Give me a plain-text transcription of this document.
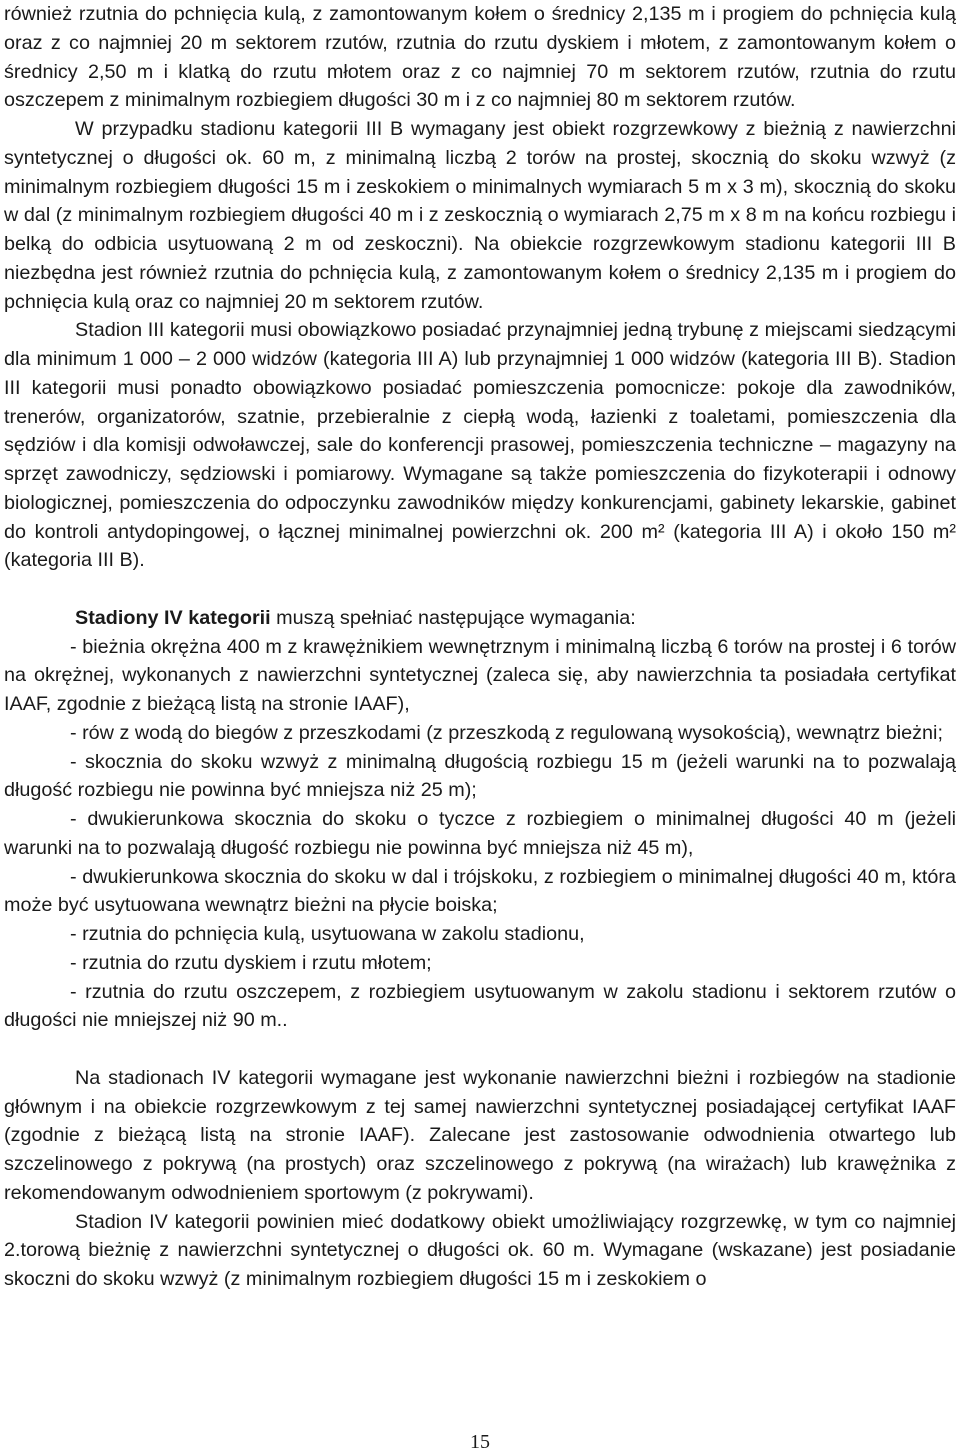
również rzutnia do pchnięcia kulą, z zamontowanym kołem o średnicy 2,135 m i progiem do pchnięcia kulą oraz z co najmniej 20 m sektorem rzutów, rzutnia do rzutu dyskiem i młotem, z zamontowanym kołem o średnicy 2,50 m i klatką do rzutu młotem oraz z co najmniej 70 m sektorem rzutów, rzutnia do rzutu oszczepem z minimalnym rozbiegiem długości 30 m i z co najmniej 80 m sektorem rzutów.

W przypadku stadionu kategorii III B wymagany jest obiekt rozgrzewkowy z bieżnią z nawierzchni syntetycznej o długości ok. 60 m, z minimalną liczbą 2 torów na prostej, skocznią do skoku wzwyż (z minimalnym rozbiegiem długości 15 m i zeskokiem o minimalnych wymiarach 5 m x 3 m), skocznią do skoku w dal (z minimalnym rozbiegiem długości 40 m i z zeskocznią o wymiarach 2,75 m x 8 m na końcu rozbiegu i belką do odbicia usytuowaną 2 m od zeskoczni). Na obiekcie rozgrzewkowym stadionu kategorii III B niezbędna jest również rzutnia do pchnięcia kulą, z zamontowanym kołem o średnicy 2,135 m i progiem do pchnięcia kulą oraz co najmniej 20 m sektorem rzutów.

Stadion III kategorii musi obowiązkowo posiadać przynajmniej jedną trybunę z miejscami siedzącymi dla minimum 1 000 – 2 000 widzów (kategoria III A) lub przynajmniej 1 000 widzów (kategoria III B). Stadion III kategorii musi ponadto obowiązkowo posiadać pomieszczenia pomocnicze: pokoje dla zawodników, trenerów, organizatorów, szatnie, przebieralnie z ciepłą wodą, łazienki z toaletami, pomieszczenia dla sędziów i dla komisji odwoławczej, sale do konferencji prasowej, pomieszczenia techniczne – magazyny na sprzęt zawodniczy, sędziowski i pomiarowy. Wymagane są także pomieszczenia do fizykoterapii i odnowy biologicznej, pomieszczenia do odpoczynku zawodników między konkurencjami, gabinety lekarskie, gabinet do kontroli antydopingowej, o łącznej minimalnej powierzchni ok. 200 m² (kategoria III A) i około 150 m² (kategoria III B).

Stadiony IV kategorii muszą spełniać następujące wymagania:

- bieżnia okrężna 400 m z krawężnikiem wewnętrznym i minimalną liczbą 6 torów na prostej i 6 torów na okrężnej, wykonanych z nawierzchni syntetycznej (zaleca się, aby nawierzchnia ta posiadała certyfikat IAAF, zgodnie z bieżącą listą na stronie IAAF),

- rów z wodą do biegów z przeszkodami (z przeszkodą z regulowaną wysokością), wewnątrz bieżni;

- skocznia do skoku wzwyż z minimalną długością rozbiegu 15 m (jeżeli warunki na to pozwalają długość rozbiegu nie powinna być mniejsza niż 25 m);

- dwukierunkowa skocznia do skoku o tyczce z rozbiegiem o minimalnej długości 40 m (jeżeli warunki na to pozwalają długość rozbiegu nie powinna być mniejsza niż 45 m),

- dwukierunkowa skocznia do skoku w dal i trójskoku, z rozbiegiem o minimalnej długości 40 m, która może być usytuowana wewnątrz bieżni na płycie boiska;

- rzutnia do pchnięcia kulą, usytuowana w zakolu stadionu,

- rzutnia do rzutu dyskiem i rzutu młotem;

- rzutnia do rzutu oszczepem, z rozbiegiem usytuowanym w zakolu stadionu i sektorem rzutów o długości nie mniejszej niż 90 m..

Na stadionach IV kategorii wymagane jest wykonanie nawierzchni bieżni i rozbiegów na stadionie głównym i na obiekcie rozgrzewkowym z tej samej nawierzchni syntetycznej posiadającej certyfikat IAAF (zgodnie z bieżącą listą na stronie IAAF). Zalecane jest zastosowanie odwodnienia otwartego lub szczelinowego z pokrywą (na prostych) oraz szczelinowego z pokrywą (na wirażach) lub krawężnika z rekomendowanym odwodnieniem sportowym (z pokrywami).

Stadion IV kategorii powinien mieć dodatkowy obiekt umożliwiający rozgrzewkę, w tym co najmniej 2.torową bieżnię z nawierzchni syntetycznej o długości ok. 60 m. Wymagane (wskazane) jest posiadanie skoczni do skoku wzwyż (z minimalnym rozbiegiem długości 15 m i zeskokiem o

15
